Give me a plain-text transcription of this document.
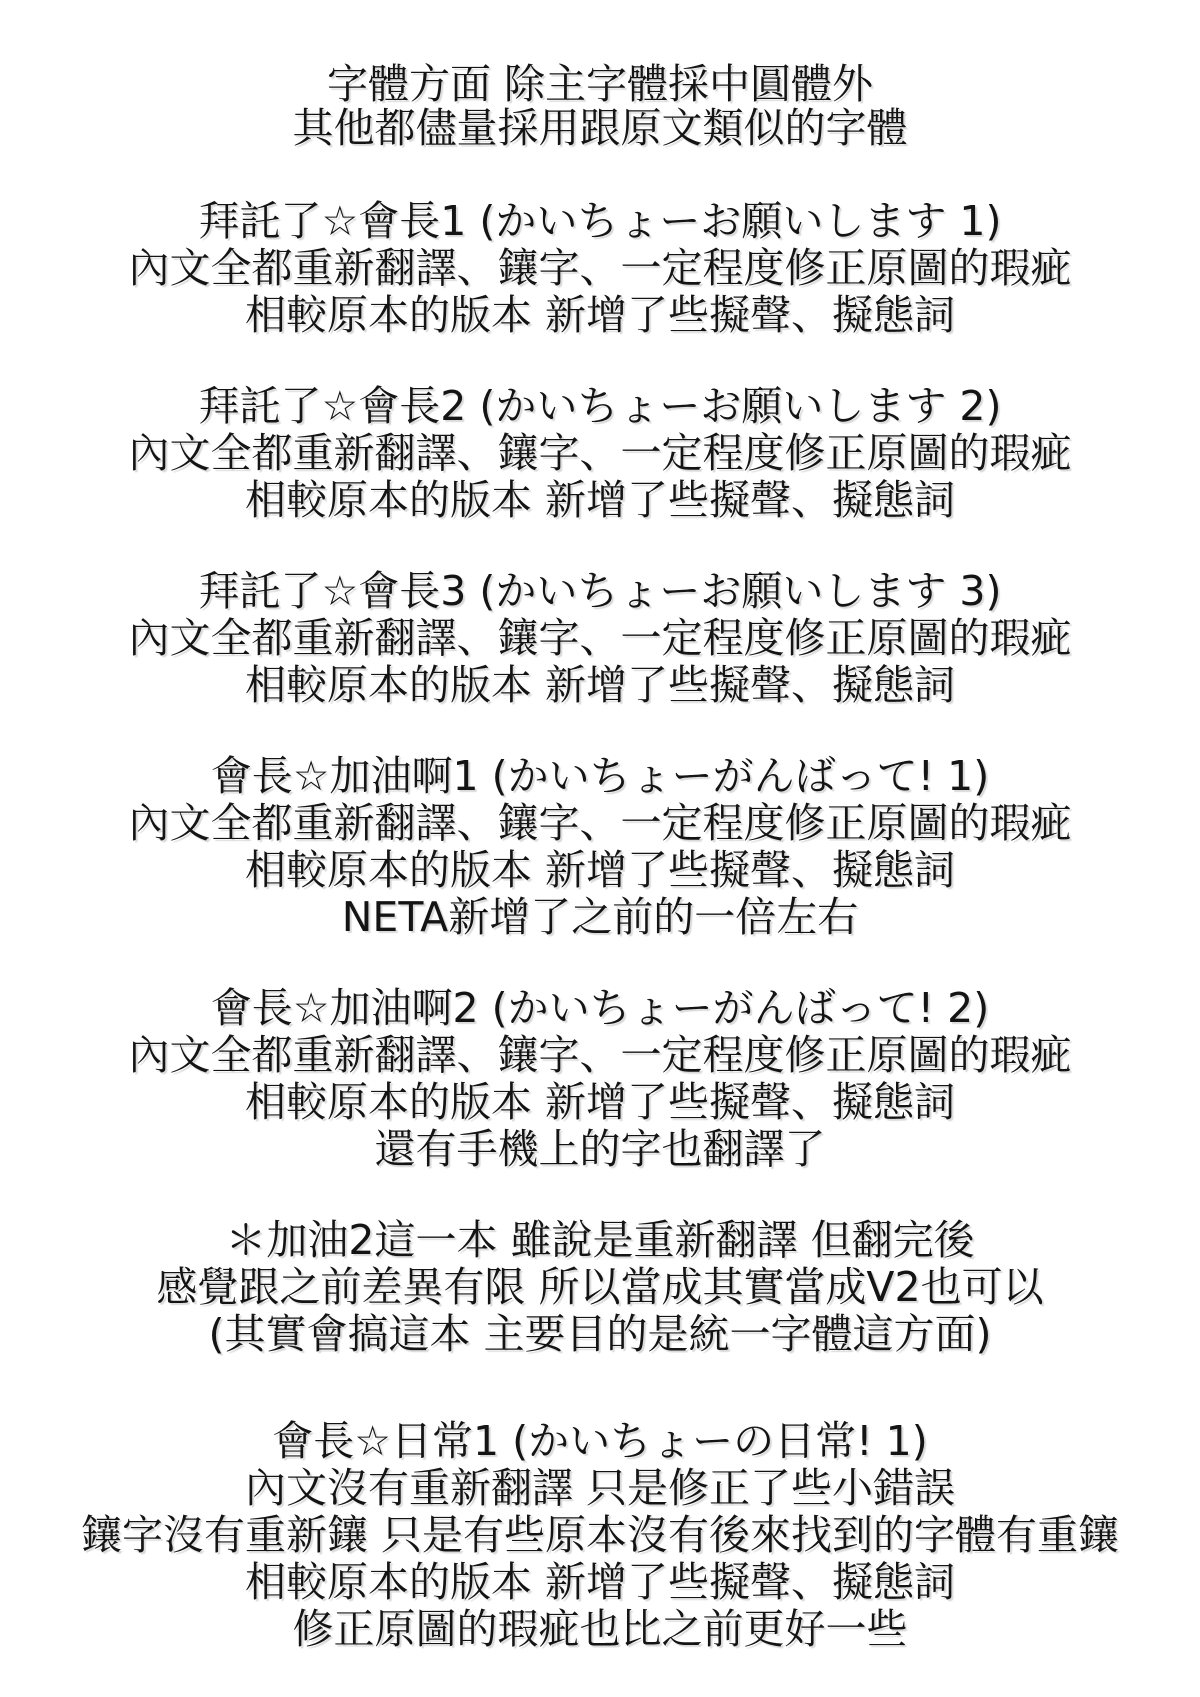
字體方面 除主字體採中圓體外

其他都儘量採用跟原文類似的字體

拜託了☆會長1 (かいちょーお願いします 1)

內文全都重新翻譯、鑲字、一定程度修正原圖的瑕疵

相較原本的版本 新增了些擬聲、擬態詞

拜託了☆會長2 (かいちょーお願いします 2)

內文全都重新翻譯、鑲字、一定程度修正原圖的瑕疵

相較原本的版本 新增了些擬聲、擬態詞

拜託了☆會長3 (かいちょーお願いします 3)

內文全都重新翻譯、鑲字、一定程度修正原圖的瑕疵

相較原本的版本 新增了些擬聲、擬態詞

會長☆加油啊1 (かいちょーがんばって! 1)

內文全都重新翻譯、鑲字、一定程度修正原圖的瑕疵

相較原本的版本 新增了些擬聲、擬態詞

NETA新增了之前的一倍左右

會長☆加油啊2 (かいちょーがんばって! 2)

內文全都重新翻譯、鑲字、一定程度修正原圖的瑕疵

相較原本的版本 新增了些擬聲、擬態詞

還有手機上的字也翻譯了

＊加油2這一本 雖說是重新翻譯 但翻完後

感覺跟之前差異有限 所以當成其實當成V2也可以

(其實會搞這本 主要目的是統一字體這方面)

會長☆日常1 (かいちょーの日常! 1)

內文沒有重新翻譯 只是修正了些小錯誤

鑲字沒有重新鑲 只是有些原本沒有後來找到的字體有重鑲

相較原本的版本 新增了些擬聲、擬態詞

修正原圖的瑕疵也比之前更好一些
